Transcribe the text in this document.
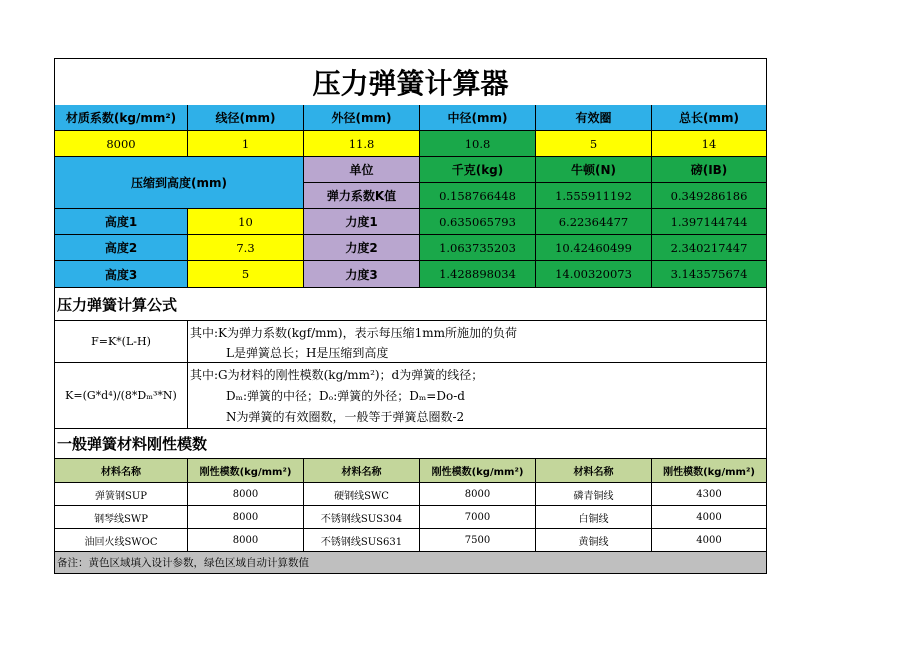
压力弹簧计算器
材质系数(kg/mm²)	线径(mm)	外径(mm)	中径(mm)	有效圈	总长(mm)
8000	1	11.8	10.8	5	14
压缩到高度(mm)
单位	千克(kg)	牛顿(N)	磅(IB)
弹力系数K值	0.158766448	1.555911192	0.349286186
高度1	10	力度1	0.635065793	6.22364477	1.397144744
高度2	7.3	力度2	1.063735203	10.42460499	2.340217447
高度3	5	力度3	1.428898034	14.00320073	3.143575674
压力弹簧计算公式
F=K*(L-H)
其中:K为弹力系数(kgf/mm)，表示每压缩1mm所施加的负荷
L是弹簧总长；H是压缩到高度
K=(G*d⁴)/(8*Dₘ³*N)
其中:G为材料的刚性模数(kg/mm²)；d为弹簧的线径；
Dₘ:弹簧的中径；Dₒ:弹簧的外径；Dₘ=Do-d
N为弹簧的有效圈数，一般等于弹簧总圈数-2
一般弹簧材料刚性模数
材料名称	刚性模数(kg/mm²)	材料名称	刚性模数(kg/mm²)	材料名称	刚性模数(kg/mm²)
弹簧钢SUP	8000	硬钢线SWC	8000	磷青铜线	4300
钢琴线SWP	8000	不锈钢线SUS304	7000	白铜线	4000
油回火线SWOC	8000	不锈钢线SUS631	7500	黄铜线	4000
备注：黄色区域填入设计参数，绿色区域自动计算数值
